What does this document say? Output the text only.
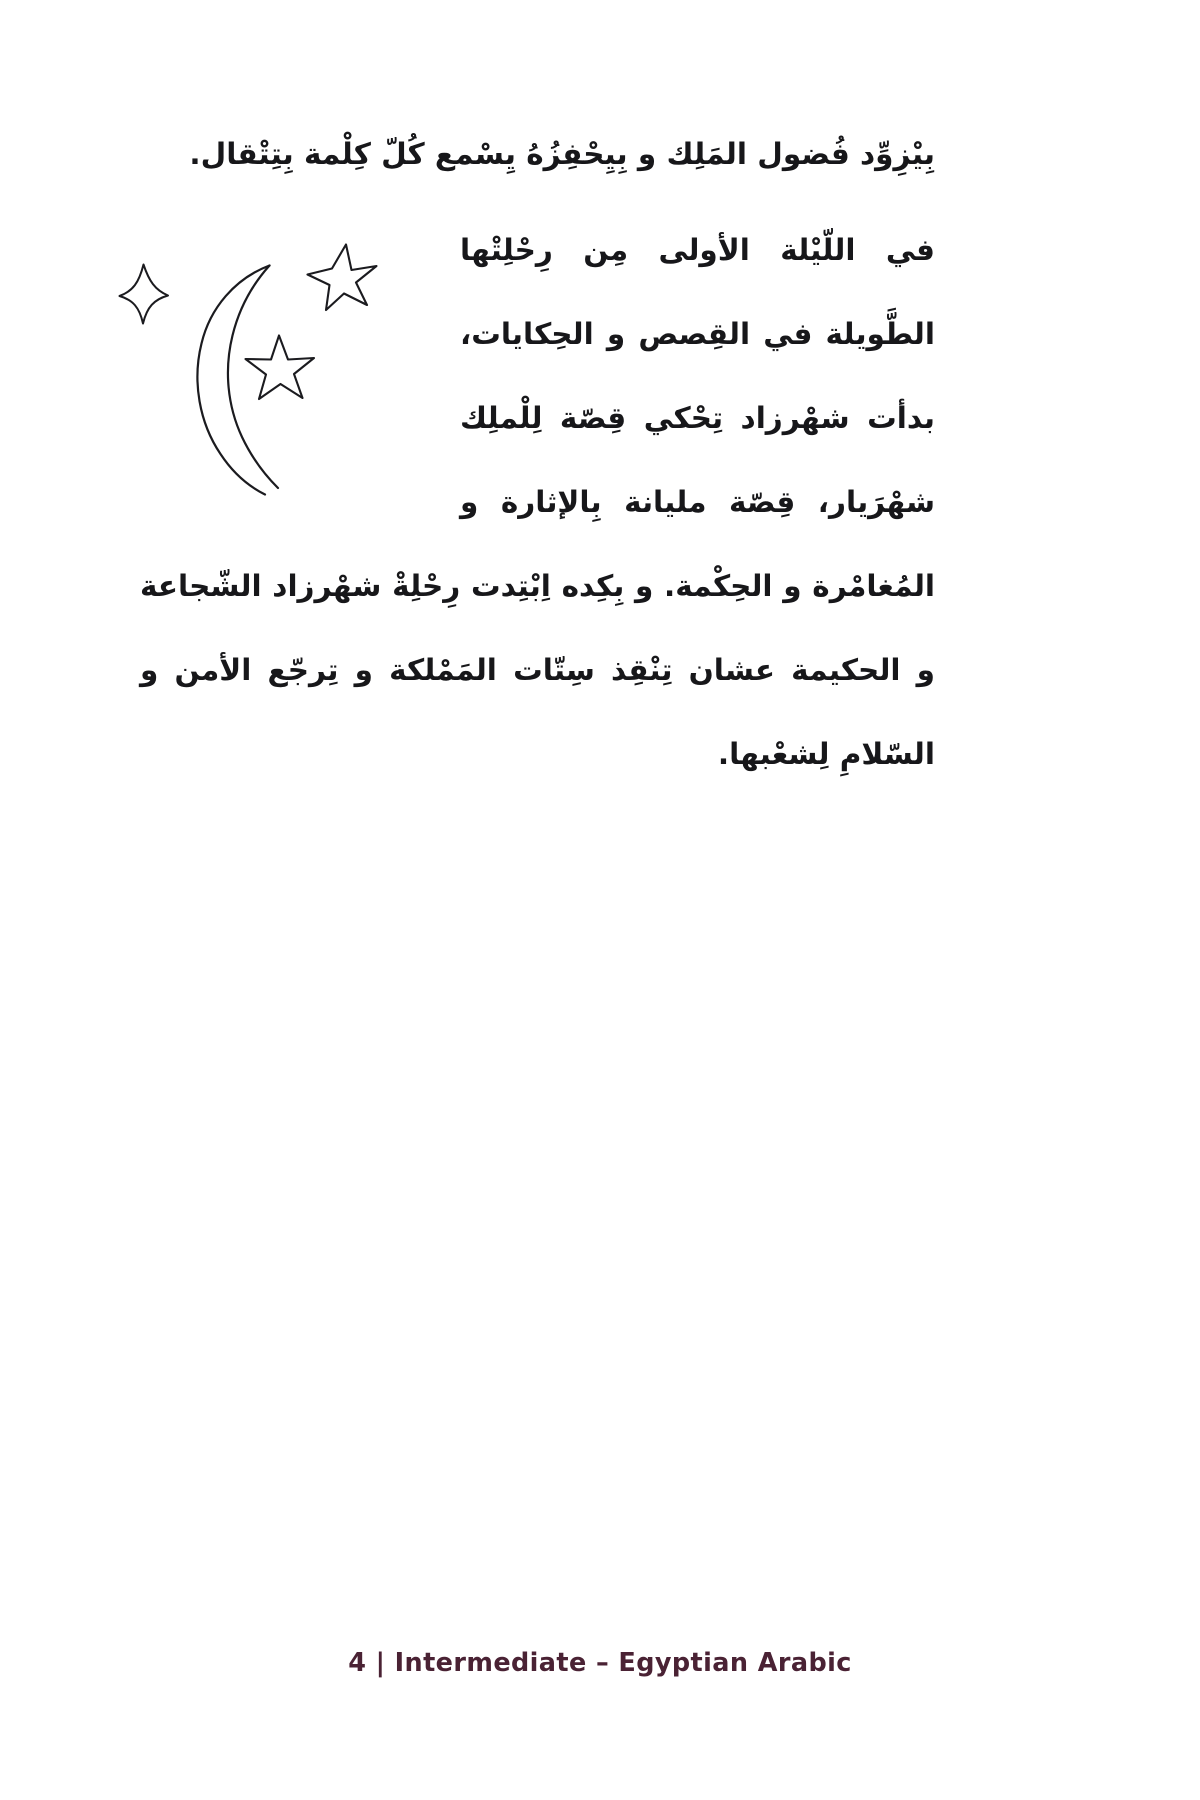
بيزود فضول الملك و بيحفزه يسمع كل كلمة بتتقال.

في الليلة الأولى من رحلتها الطويلة في القصص و الحكايات، بدأت شهرزاد تحكي قصة للملك شهريار، قصة مليانة بالإثارة و المغامرة و الحكمة. و بكده ابتدت رحلة شهرزاد الشجاعة و الحكيمة عشان تنقذ ستات المملكة و ترجع الأمن و السلام لشعبها.

4 | Intermediate – Egyptian Arabic
